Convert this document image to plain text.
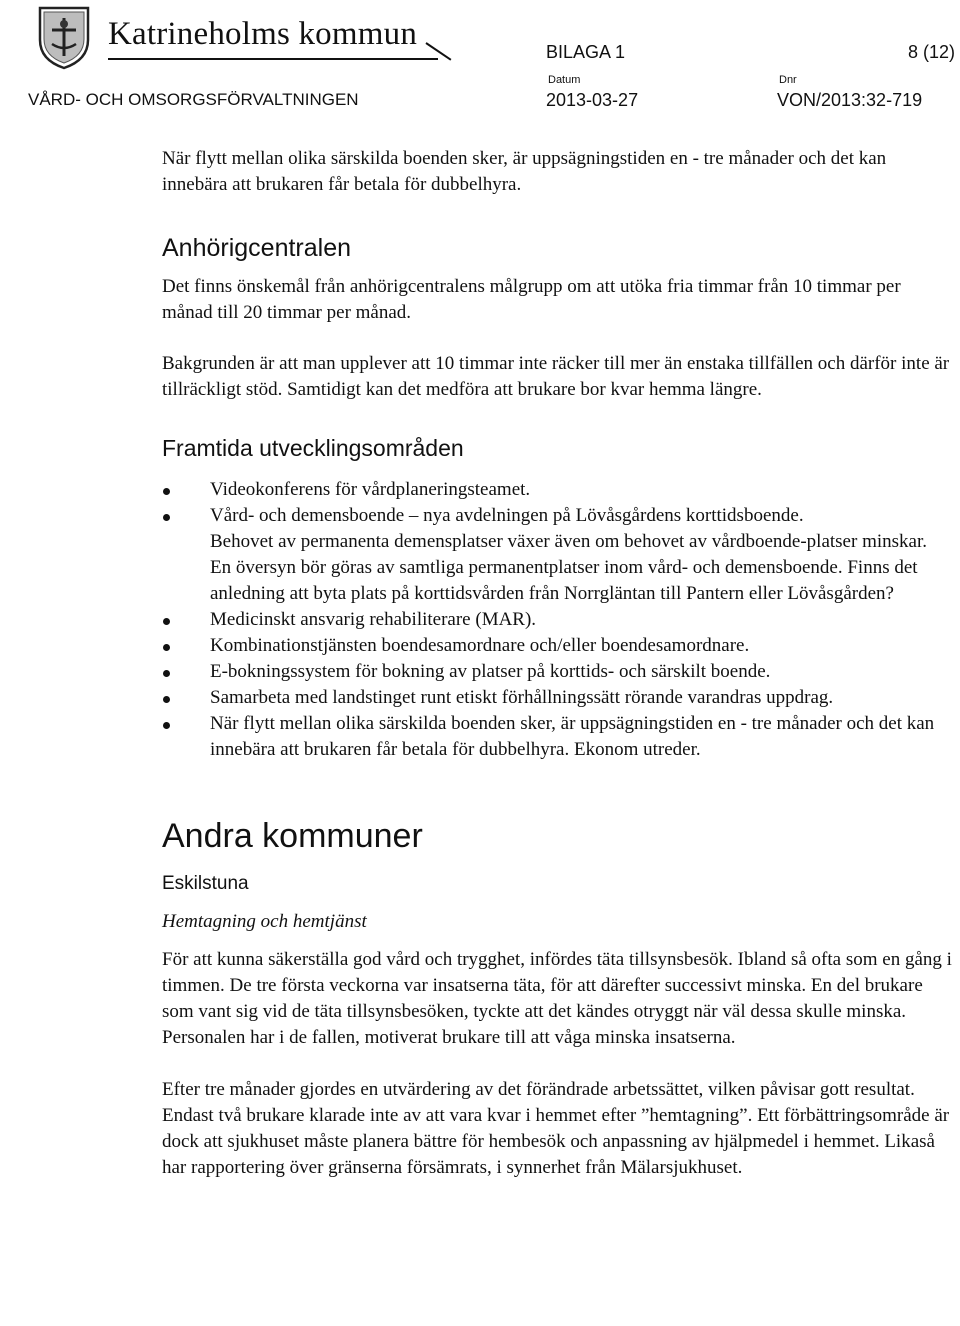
Katrineholms kommun
VÅRD- OCH OMSORGSFÖRVALTNINGEN
BILAGA 1	8 (12)
Datum	Dnr
2013-03-27	VON/2013:32-719

När flytt mellan olika särskilda boenden sker, är uppsägningstiden en - tre månader och det kan innebära att brukaren får betala för dubbelhyra.

Anhörigcentralen

Det finns önskemål från anhörigcentralens målgrupp om att utöka fria timmar från 10 timmar per månad till 20 timmar per månad.

Bakgrunden är att man upplever att 10 timmar inte räcker till mer än enstaka tillfällen och därför inte är tillräckligt stöd. Samtidigt kan det medföra att brukare bor kvar hemma längre.

Framtida utvecklingsområden
Videokonferens för vårdplaneringsteamet.
Vård- och demensboende – nya avdelningen på Lövåsgårdens korttidsboende.
Behovet av permanenta demensplatser växer även om behovet av vårdboende-platser minskar. En översyn bör göras av samtliga permanentplatser inom vård- och demensboende. Finns det anledning att byta plats på korttidsvården från Norrgläntan till Pantern eller Lövåsgården?
Medicinskt ansvarig rehabiliterare (MAR).
Kombinationstjänsten boendesamordnare och/eller boendesamordnare.
E-bokningssystem för bokning av platser på korttids- och särskilt boende.
Samarbeta med landstinget runt etiskt förhållningssätt rörande varandras uppdrag.
När flytt mellan olika särskilda boenden sker, är uppsägningstiden en - tre månader och det kan innebära att brukaren får betala för dubbelhyra. Ekonom utreder.
Andra kommuner
Eskilstuna

Hemtagning och hemtjänst

För att kunna säkerställa god vård och trygghet, infördes täta tillsynsbesök. Ibland så ofta som en gång i timmen. De tre första veckorna var insatserna täta, för att därefter successivt minska. En del brukare som vant sig vid de täta tillsynsbesöken, tyckte att det kändes otryggt när väl dessa skulle minska. Personalen har i de fallen, motiverat brukare till att våga minska insatserna.

Efter tre månader gjordes en utvärdering av det förändrade arbetssättet, vilken påvisar gott resultat. Endast två brukare klarade inte av att vara kvar i hemmet efter ”hemtagning”. Ett förbättringsområde är dock att sjukhuset måste planera bättre för hembesök och anpassning av hjälpmedel i hemmet. Likaså har rapportering över gränserna försämrats, i synnerhet från Mälarsjukhuset.
